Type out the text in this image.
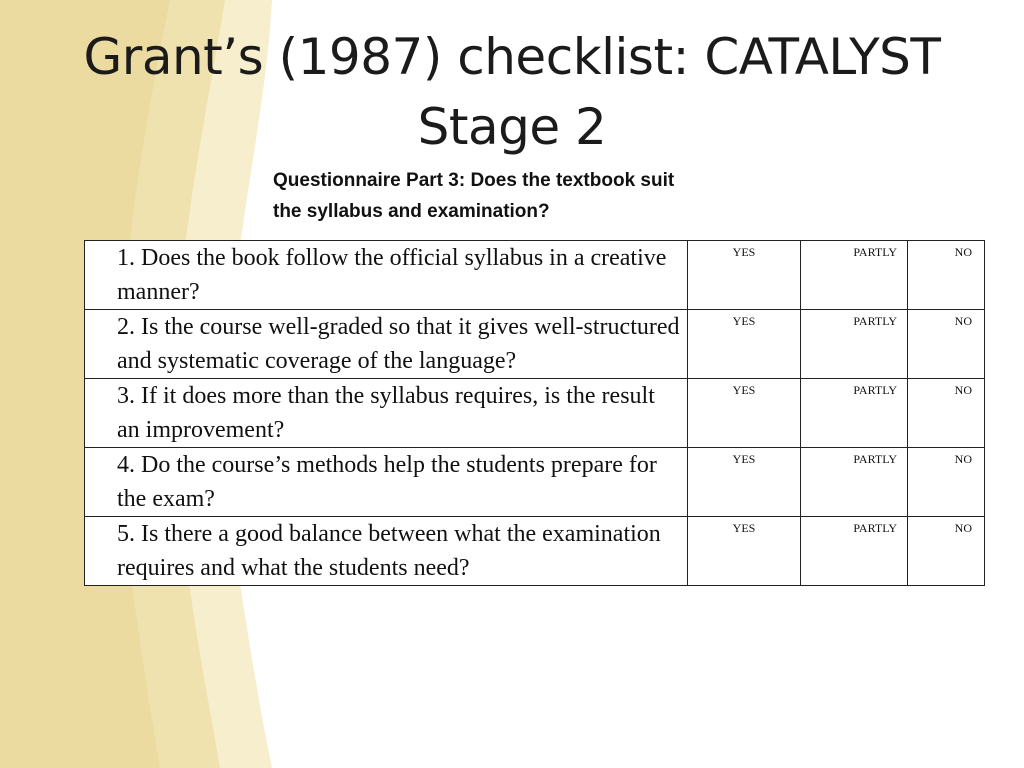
Grant’s (1987) checklist: CATALYST
Stage 2
Questionnaire Part 3: Does the textbook suit
the syllabus and examination?
1. Does the book follow the official syllabus in a creative manner?	YES	PARTLY	NO
2. Is the course well-graded so that it gives well-structured and systematic coverage of the language?	YES	PARTLY	NO
3. If it does more than the syllabus requires, is the result an improvement?	YES	PARTLY	NO
4. Do the course’s methods help the students prepare for the exam?	YES	PARTLY	NO
5. Is there a good balance between what the examination requires and what the students need?	YES	PARTLY	NO
